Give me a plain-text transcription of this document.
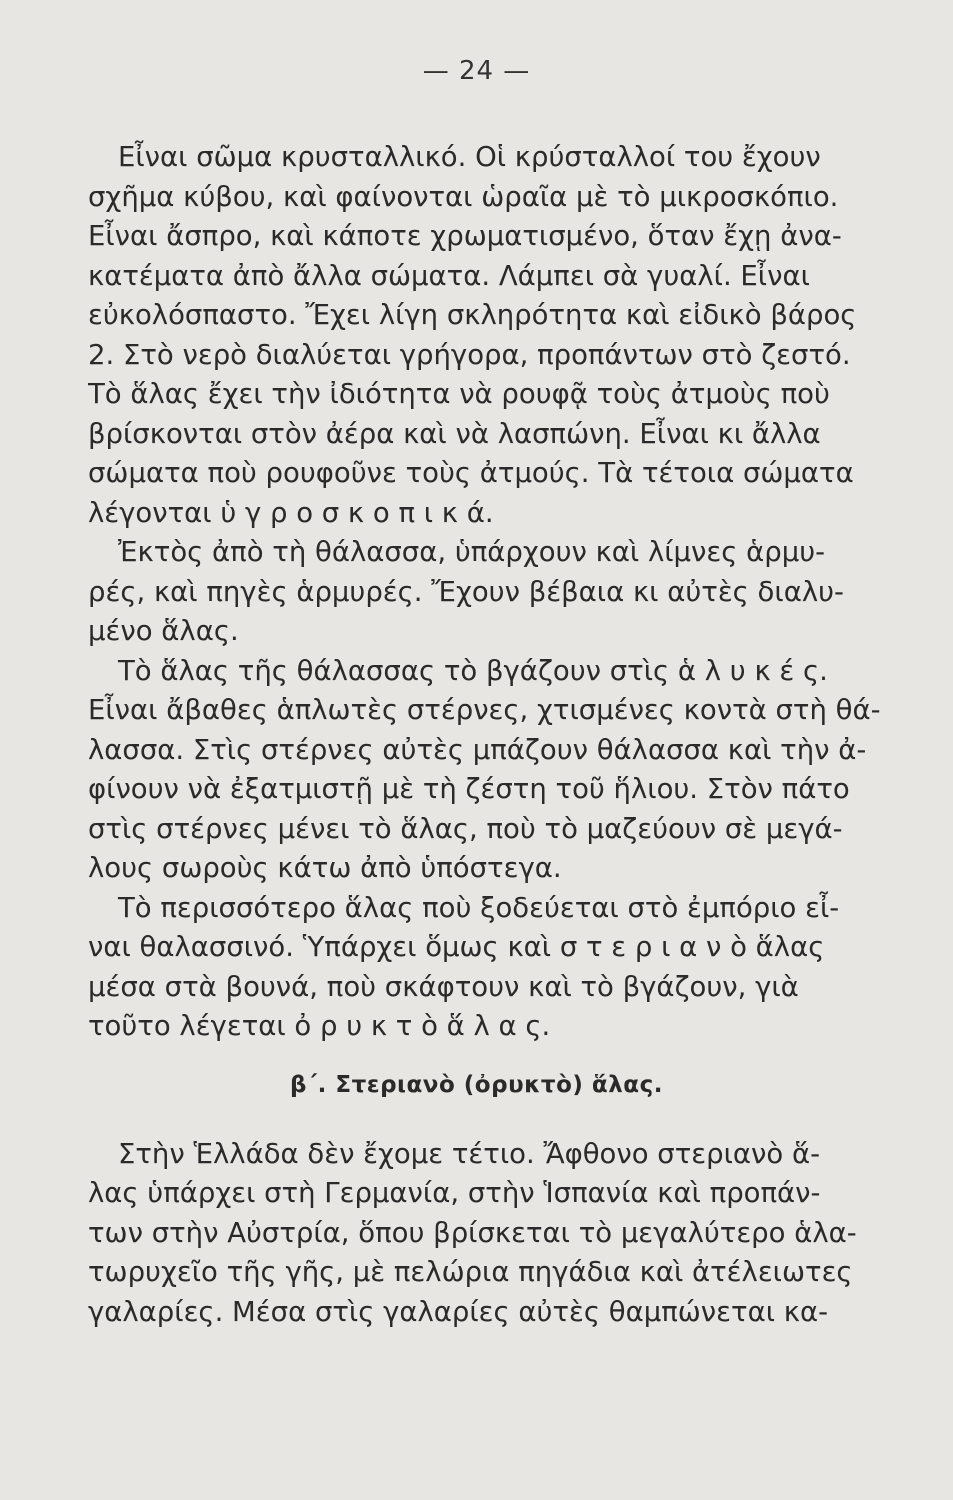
— 24 —
Εἶναι σῶμα κρυσταλλικό. Οἱ κρύσταλλοί του ἔχουν
σχῆμα κύβου, καὶ φαίνονται ὡραῖα μὲ τὸ μικροσκόπιο.
Εἶναι ἄσπρο, καὶ κάποτε χρωματισμένο, ὅταν ἔχῃ ἀνα-
κατέματα ἀπὸ ἄλλα σώματα. Λάμπει σὰ γυαλί. Εἶναι
εὐκολόσπαστο. Ἔχει λίγη σκληρότητα καὶ εἰδικὸ βάρος
2. Στὸ νερὸ διαλύεται γρήγορα, προπάντων στὸ ζεστό.
Τὸ ἅλας ἔχει τὴν ἰδιότητα νὰ ρουφᾷ τοὺς ἀτμοὺς ποὺ
βρίσκονται στὸν ἀέρα καὶ νὰ λασπώνη. Εἶναι κι ἄλλα
σώματα ποὺ ρουφοῦνε τοὺς ἀτμούς. Τὰ τέτοια σώματα
λέγονται ὑ γ ρ ο σ κ ο π ι κ ά.
Ἐκτὸς ἀπὸ τὴ θάλασσα, ὑπάρχουν καὶ λίμνες ἁρμυ-
ρές, καὶ πηγὲς ἁρμυρές. Ἔχουν βέβαια κι αὐτὲς διαλυ-
μένο ἅλας.
Τὸ ἅλας τῆς θάλασσας τὸ βγάζουν στὶς ἁ λ υ κ έ ς.
Εἶναι ἄβαθες ἁπλωτὲς στέρνες, χτισμένες κοντὰ στὴ θά-
λασσα. Στὶς στέρνες αὐτὲς μπάζουν θάλασσα καὶ τὴν ἀ-
φίνουν νὰ ἐξατμιστῇ μὲ τὴ ζέστη τοῦ ἥλιου. Στὸν πάτο
στὶς στέρνες μένει τὸ ἅλας, ποὺ τὸ μαζεύουν σὲ μεγά-
λους σωροὺς κάτω ἀπὸ ὑπόστεγα.
Τὸ περισσότερο ἅλας ποὺ ξοδεύεται στὸ ἐμπόριο εἶ-
ναι θαλασσινό. Ὑπάρχει ὅμως καὶ σ τ ε ρ ι α ν ὸ ἅλας
μέσα στὰ βουνά, ποὺ σκάφτουν καὶ τὸ βγάζουν, γιὰ
τοῦτο λέγεται ὀ ρ υ κ τ ὸ ἅ λ α ς.
β΄. Στεριανὸ (ὀρυκτὸ) ἅλας.
Στὴν Ἑλλάδα δὲν ἔχομε τέτιο. Ἄφθονο στεριανὸ ἅ-
λας ὑπάρχει στὴ Γερμανία, στὴν Ἱσπανία καὶ προπάν-
των στὴν Αὐστρία, ὅπου βρίσκεται τὸ μεγαλύτερο ἁλα-
τωρυχεῖο τῆς γῆς, μὲ πελώρια πηγάδια καὶ ἀτέλειωτες
γαλαρίες. Μέσα στὶς γαλαρίες αὐτὲς θαμπώνεται κα-
